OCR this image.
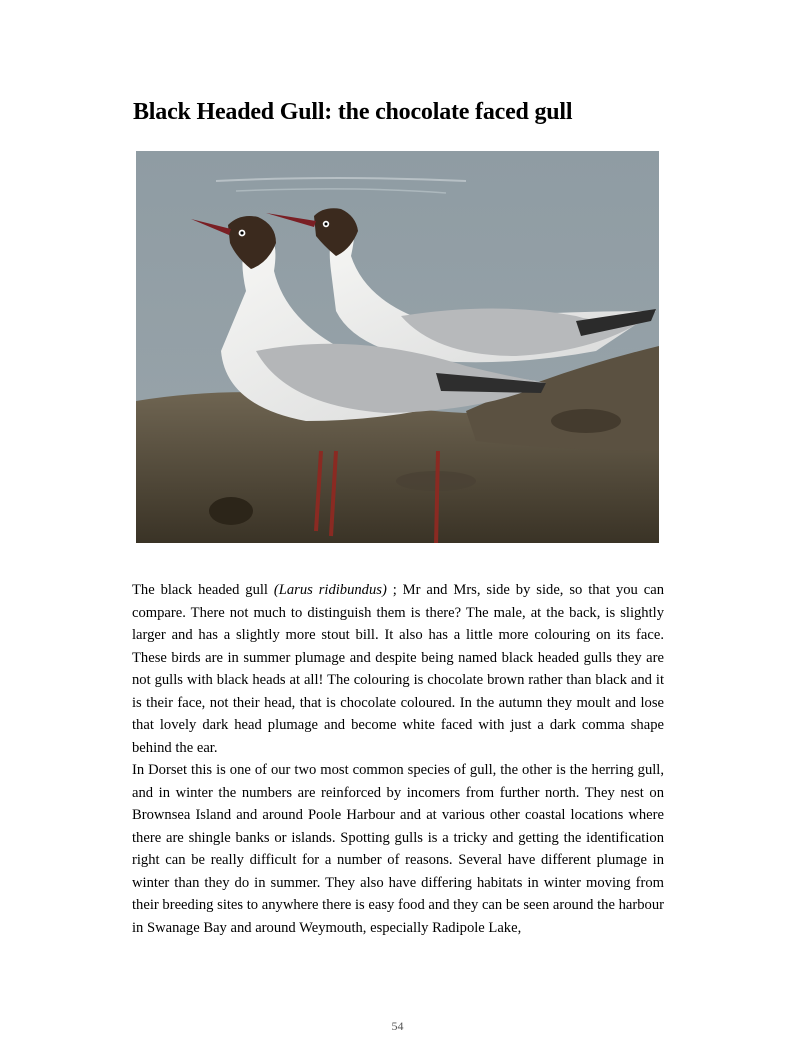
Black Headed Gull: the chocolate faced gull

The black headed gull (Larus ridibundus) ; Mr and Mrs, side by side, so that you can compare. There not much to distinguish them is there? The male, at the back, is slightly larger and has a slightly more stout bill. It also has a little more colouring on its face. These birds are in summer plumage and despite being named black headed gulls they are not gulls with black heads at all! The colouring is chocolate brown rather than black and it is their face, not their head, that is chocolate coloured. In the autumn they moult and lose that lovely dark head plumage and become white faced with just a dark comma shape behind the ear.

In Dorset this is one of our two most common species of gull, the other is the herring gull, and in winter the numbers are reinforced by incomers from further north. They nest on Brownsea Island and around Poole Harbour and at various other coastal locations where there are shingle banks or islands. Spotting gulls is a tricky and getting the identification right can be really difficult for a number of reasons. Several have different plumage in winter than they do in summer. They also have differing habitats in winter moving from their breeding sites to anywhere there is easy food and they can be seen around the harbour in Swanage Bay and around Weymouth, especially Radipole Lake,

54
